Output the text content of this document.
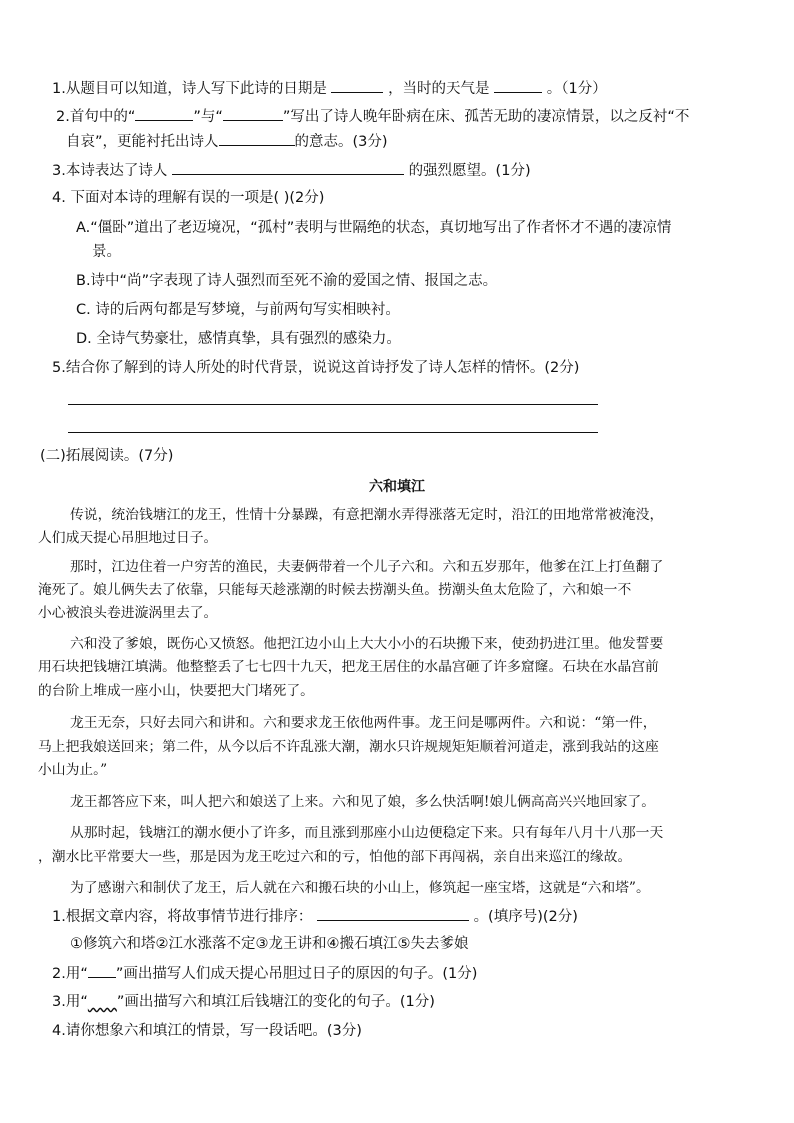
1.从题目可以知道，诗人写下此诗的日期是	，当时的天气是	。（1分）
2.首句中的“	”与“	”写出了诗人晚年卧病在床、孤苦无助的凄凉情景，以之反衬“不
自哀”，更能衬托出诗人	的意志。(3分)
3.本诗表达了诗人	的强烈愿望。(1分)
4. 下面对本诗的理解有误的一项是( )(2分)
A.“僵卧”道出了老迈境况，“孤村”表明与世隔绝的状态，真切地写出了作者怀才不遇的凄凉情
景。
B.诗中“尚”字表现了诗人强烈而至死不渝的爱国之情、报国之志。
C. 诗的后两句都是写梦境，与前两句写实相映衬。
D. 全诗气势豪壮，感情真挚，具有强烈的感染力。
5.结合你了解到的诗人所处的时代背景，说说这首诗抒发了诗人怎样的情怀。(2分)
(二)拓展阅读。(7分)
六和填江
传说，统治钱塘江的龙王，性情十分暴躁，有意把潮水弄得涨落无定时，沿江的田地常常被淹没，
人们成天提心吊胆地过日子。
那时，江边住着一户穷苦的渔民，夫妻俩带着一个儿子六和。六和五岁那年，他爹在江上打鱼翻了
淹死了。娘儿俩失去了依靠，只能每天趁涨潮的时候去捞潮头鱼。捞潮头鱼太危险了，六和娘一不
小心被浪头卷进漩涡里去了。
六和没了爹娘，既伤心又愤怒。他把江边小山上大大小小的石块搬下来，使劲扔进江里。他发誓要
用石块把钱塘江填满。他整整丢了七七四十九天，把龙王居住的水晶宫砸了许多窟窿。石块在水晶宫前
的台阶上堆成一座小山，快要把大门堵死了。
龙王无奈，只好去同六和讲和。六和要求龙王依他两件事。龙王问是哪两件。六和说：“第一件，
马上把我娘送回来；第二件，从今以后不许乱涨大潮，潮水只许规规矩矩顺着河道走，涨到我站的这座
小山为止。”
龙王都答应下来，叫人把六和娘送了上来。六和见了娘，多么快活啊!娘儿俩高高兴兴地回家了。
从那时起，钱塘江的潮水便小了许多，而且涨到那座小山边便稳定下来。只有每年八月十八那一天
，潮水比平常要大一些，那是因为龙王吃过六和的亏，怕他的部下再闯祸，亲自出来巡江的缘故。
为了感谢六和制伏了龙王，后人就在六和搬石块的小山上，修筑起一座宝塔，这就是“六和塔”。
1.根据文章内容，将故事情节进行排序：	。(填序号)(2分)
①修筑六和塔②江水涨落不定③龙王讲和④搬石填江⑤失去爹娘
2.用“ ”画出描写人们成天提心吊胆过日子的原因的句子。(1分)
3.用“   ”画出描写六和填江后钱塘江的变化的句子。(1分)
4.请你想象六和填江的情景，写一段话吧。(3分)
